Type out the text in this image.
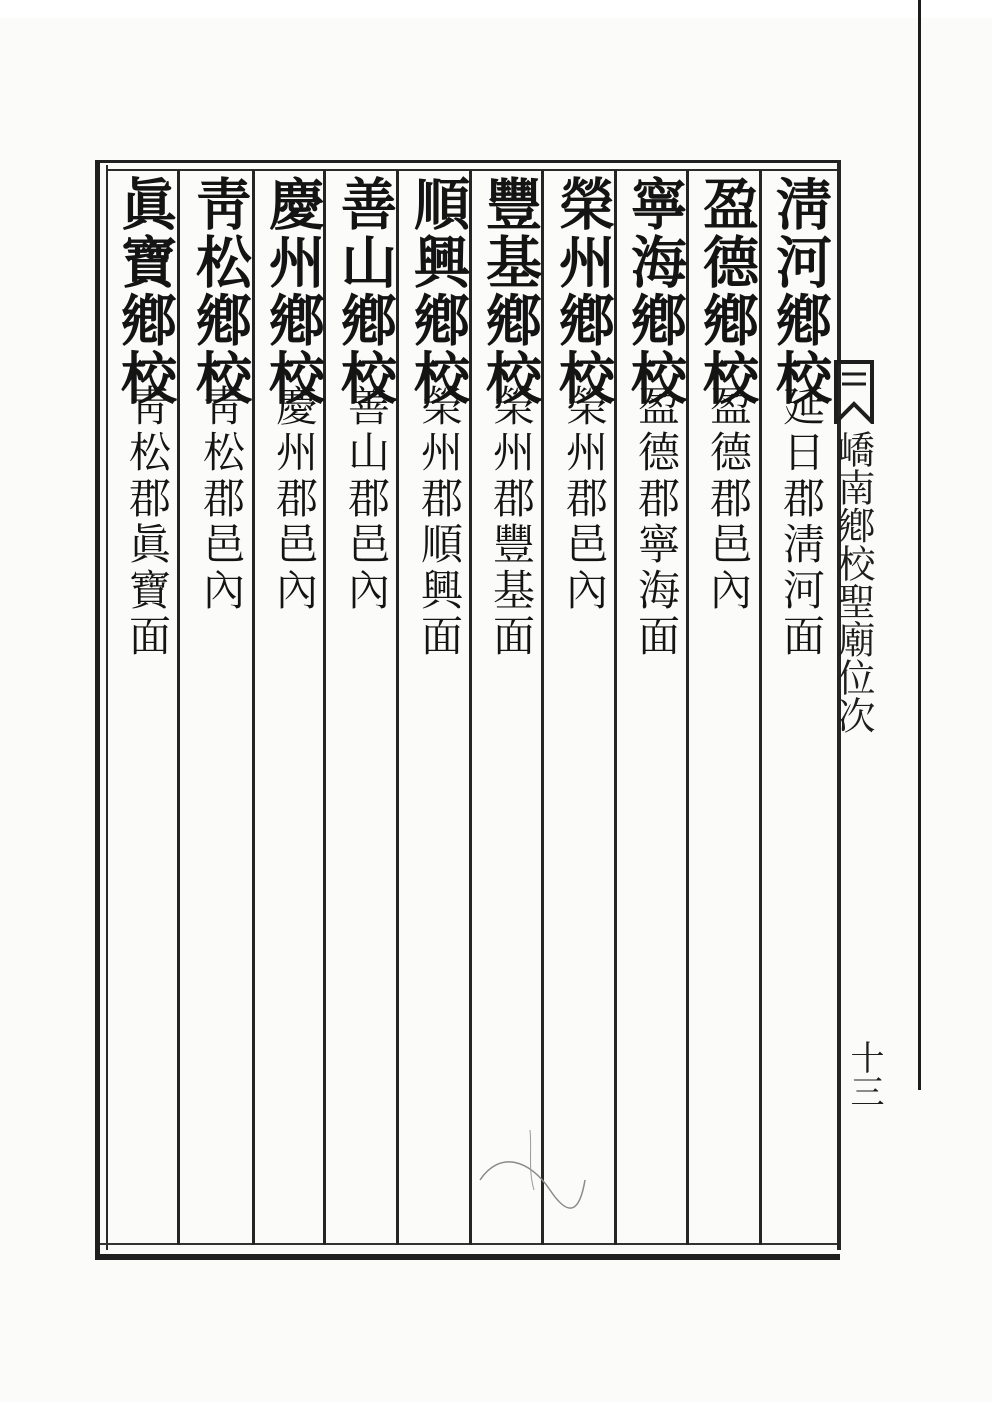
淸河鄕校

延日郡淸河面

盈德鄕校

盈德郡邑內

寧海鄕校

盈德郡寧海面

榮州鄕校

榮州郡邑內

豐基鄕校

榮州郡豐基面

順興鄕校

榮州郡順興面

善山鄕校

善山郡邑內

慶州鄕校

慶州郡邑內

靑松鄕校

靑松郡邑內

眞寶鄕校

靑松郡眞寶面	嶠南鄕校聖廟位次

十三
